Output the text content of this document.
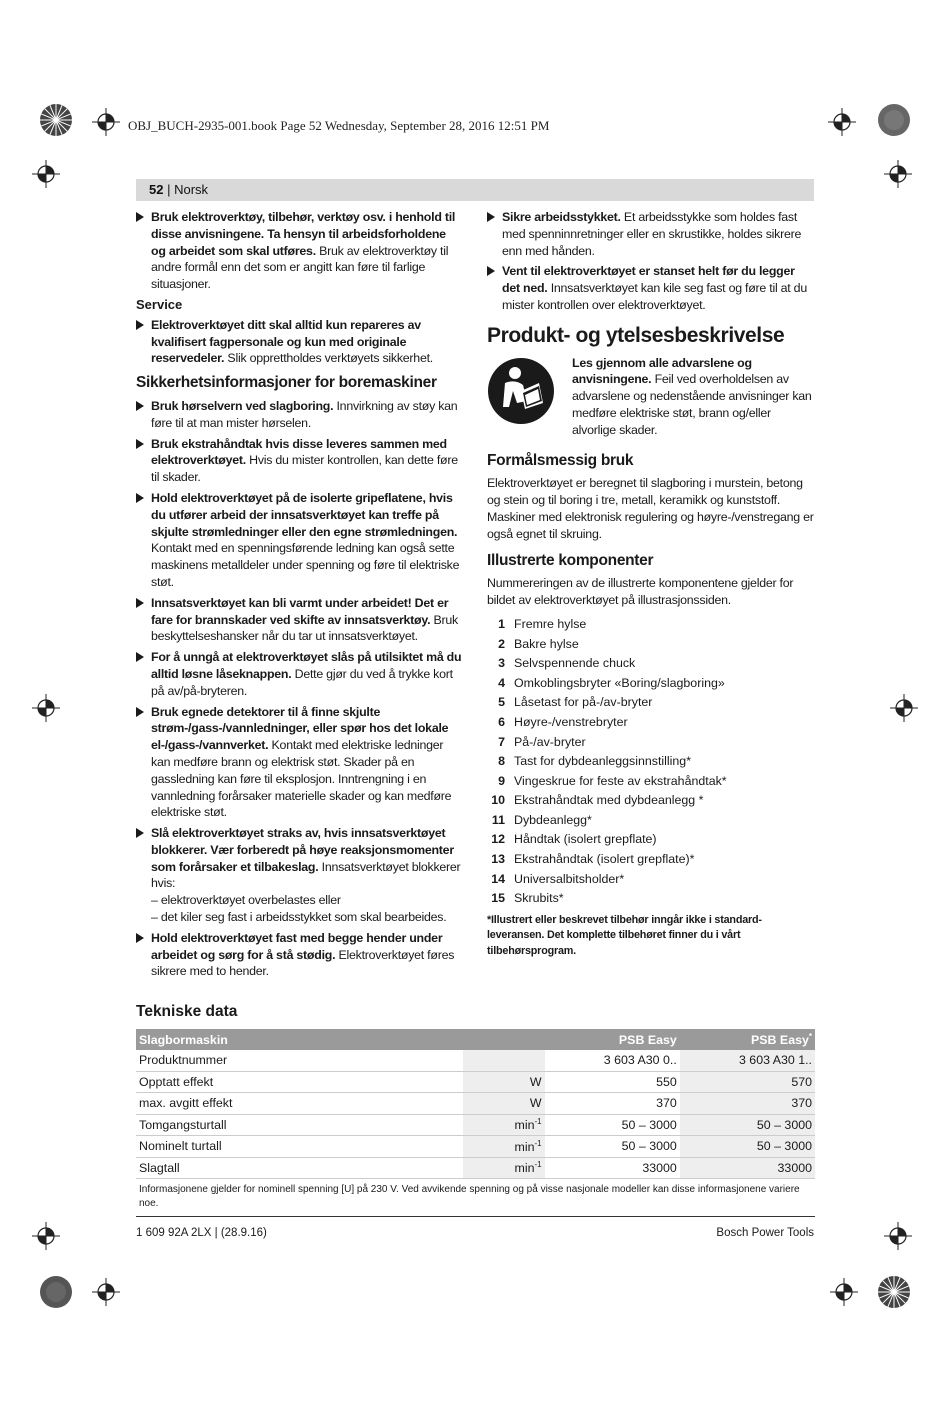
OBJ_BUCH-2935-001.book Page 52 Wednesday, September 28, 2016 12:51 PM
52 | Norsk
Bruk elektroverktøy, tilbehør, verktøy osv. i henhold til disse anvisningene. Ta hensyn til arbeidsforholdene og arbeidet som skal utføres. Bruk av elektroverktøy til andre formål enn det som er angitt kan føre til farlige situasjoner.
Service
Elektroverktøyet ditt skal alltid kun repareres av kvalifisert fagpersonale og kun med originale reservedeler. Slik opprettholdes verktøyets sikkerhet.
Sikkerhetsinformasjoner for boremaskiner
Bruk hørselvern ved slagboring. Innvirkning av støy kan føre til at man mister hørselen.
Bruk ekstrahåndtak hvis disse leveres sammen med elektroverktøyet. Hvis du mister kontrollen, kan dette føre til skader.
Hold elektroverktøyet på de isolerte gripeflatene, hvis du utfører arbeid der innsatsverktøyet kan treffe på skjulte strømledninger eller den egne strømledningen. Kontakt med en spenningsførende ledning kan også sette maskinens metalldeler under spenning og føre til elektriske støt.
Innsatsverktøyet kan bli varmt under arbeidet! Det er fare for brannskader ved skifte av innsatsverktøy. Bruk beskyttelseshansker når du tar ut innsatsverktøyet.
For å unngå at elektroverktøyet slås på utilsiktet må du alltid løsne låseknappen. Dette gjør du ved å trykke kort på av/på-bryteren.
Bruk egnede detektorer til å finne skjulte strøm-/gass-/vannledninger, eller spør hos det lokale el-/gass-/vannverket. Kontakt med elektriske ledninger kan medføre brann og elektrisk støt. Skader på en gassledning kan føre til eksplosjon. Inntrengning i en vannledning forårsaker materielle skader og kan medføre elektriske støt.
Slå elektroverktøyet straks av, hvis innsatsverktøyet blokkerer. Vær forberedt på høye reaksjonsmomenter som forårsaker et tilbakeslag. Innsatsverktøyet blokkerer hvis:
– elektroverktøyet overbelastes eller
– det kiler seg fast i arbeidsstykket som skal bearbeides.
Hold elektroverktøyet fast med begge hender under arbeidet og sørg for å stå stødig. Elektroverktøyet føres sikrere med to hender.
Sikre arbeidsstykket. Et arbeidsstykke som holdes fast med spenninnretninger eller en skrustikke, holdes sikrere enn med hånden.
Vent til elektroverktøyet er stanset helt før du legger det ned. Innsatsverktøyet kan kile seg fast og føre til at du mister kontrollen over elektroverktøyet.
Produkt- og ytelsesbeskrivelse
Les gjennom alle advarslene og anvisningene. Feil ved overholdelsen av advarslene og nedenstående anvisninger kan medføre elektriske støt, brann og/eller alvorlige skader.
Formålsmessig bruk
Elektroverktøyet er beregnet til slagboring i murstein, betong og stein og til boring i tre, metall, keramikk og kunststoff. Maskiner med elektronisk regulering og høyre-/venstregang er også egnet til skruing.
Illustrerte komponenter
Nummereringen av de illustrerte komponentene gjelder for bildet av elektroverktøyet på illustrasjonssiden.
1 Fremre hylse
2 Bakre hylse
3 Selvspennende chuck
4 Omkoblingsbryter «Boring/slagboring»
5 Låsetast for på-/av-bryter
6 Høyre-/venstrebryter
7 På-/av-bryter
8 Tast for dybdeanleggsinnstilling*
9 Vingeskrue for feste av ekstrahåndtak*
10 Ekstrahåndtak med dybdeanlegg *
11 Dybdeanlegg*
12 Håndtak (isolert grepflate)
13 Ekstrahåndtak (isolert grepflate)*
14 Universalbitsholder*
15 Skrubits*
*Illustrert eller beskrevet tilbehør inngår ikke i standard-leveransen. Det komplette tilbehøret finner du i vårt tilbehørsprogram.
Tekniske data
Slagbormaskin		PSB Easy	PSB Easy*
Produktnummer		3 603 A30 0..	3 603 A30 1..
Opptatt effekt	W	550	570
max. avgitt effekt	W	370	370
Tomgangsturtall	$\min^{-1}$	50 – 3000	50 – 3000
Nominelt turtall	$\min^{-1}$	50 – 3000	50 – 3000
Slagtall	$\min^{-1}$	33000	33000
Informasjonene gjelder for nominell spenning [U] på 230 V. Ved avvikende spenning og på visse nasjonale modeller kan disse informasjonene variere noe.			
1 609 92A 2LX | (28.9.16)	Bosch Power Tools
